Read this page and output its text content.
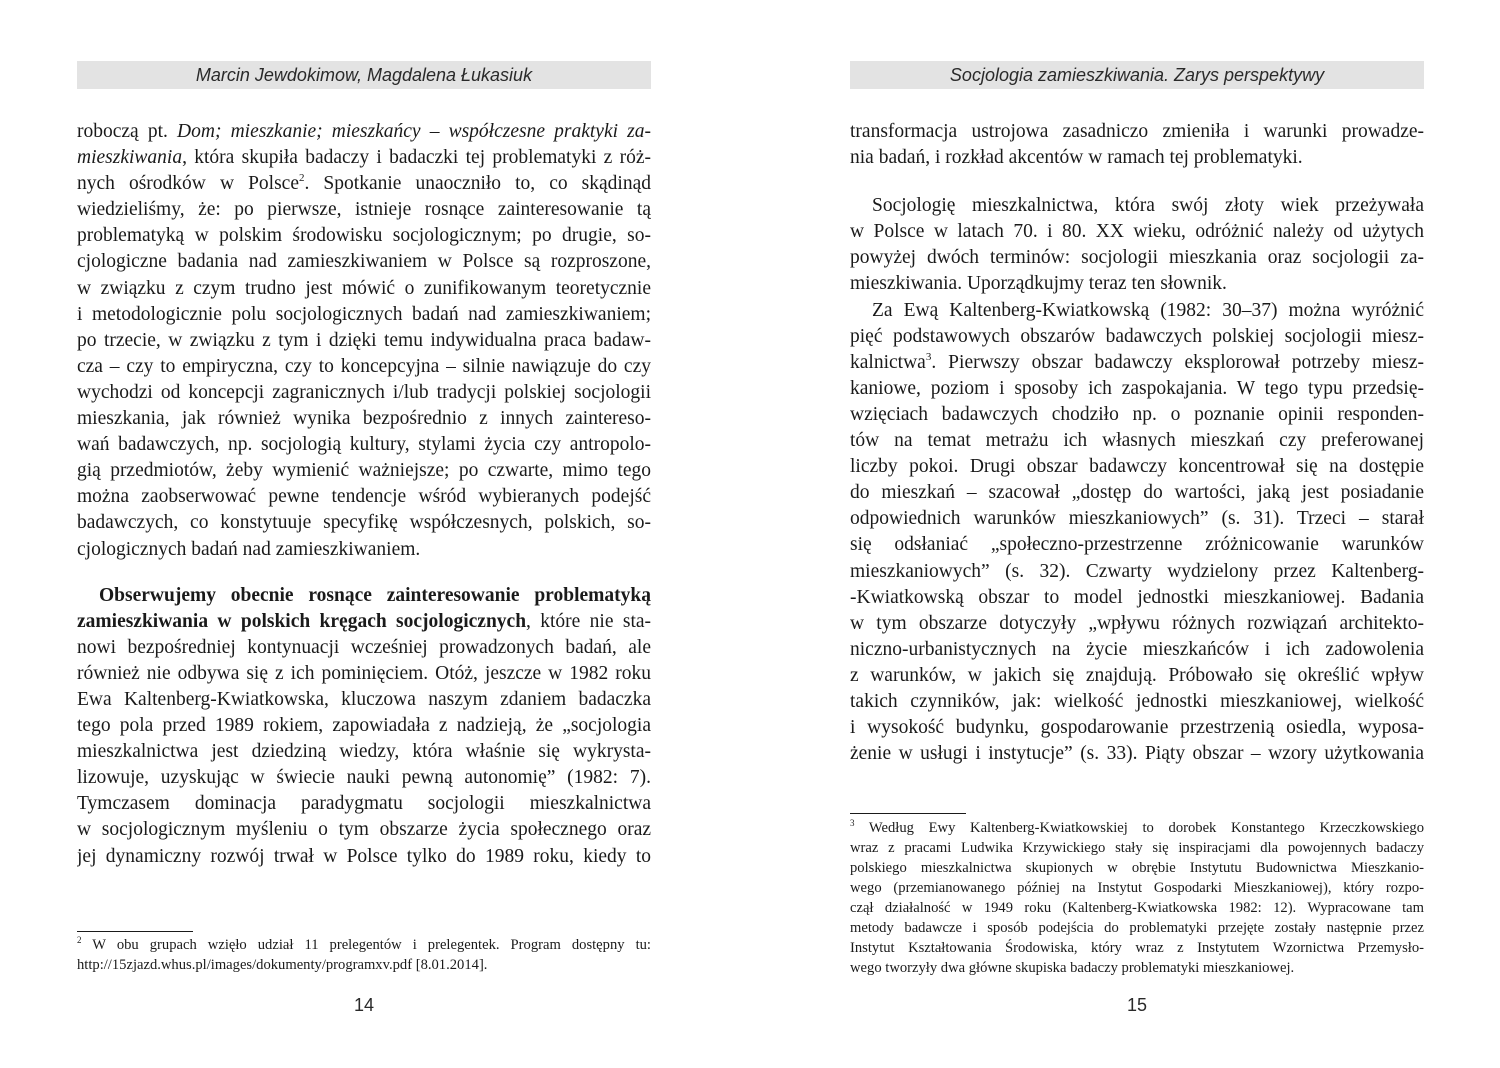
Marcin Jewdokimow, Magdalena Łukasiuk
roboczą pt. Dom; mieszkanie; mieszkańcy – współczesne praktyki za-
mieszkiwania, która skupiła badaczy i badaczki tej problematyki z róż-
nych ośrodków w Polsce$^2$. Spotkanie unaoczniło to, co skądinąd
wiedzieliśmy, że: po pierwsze, istnieje rosnące zainteresowanie tą
problematyką w polskim środowisku socjologicznym; po drugie, so-
cjologiczne badania nad zamieszkiwaniem w Polsce są rozproszone,
w związku z czym trudno jest mówić o zunifikowanym teoretycznie
i metodologicznie polu socjologicznych badań nad zamieszkiwaniem;
po trzecie, w związku z tym i dzięki temu indywidualna praca badaw-
cza – czy to empiryczna, czy to koncepcyjna – silnie nawiązuje do czy
wychodzi od koncepcji zagranicznych i/lub tradycji polskiej socjologii
mieszkania, jak również wynika bezpośrednio z innych zaintereso-
wań badawczych, np. socjologią kultury, stylami życia czy antropolo-
gią przedmiotów, żeby wymienić ważniejsze; po czwarte, mimo tego
można zaobserwować pewne tendencje wśród wybieranych podejść
badawczych, co konstytuuje specyfikę współczesnych, polskich, so-
cjologicznych badań nad zamieszkiwaniem.
Obserwujemy obecnie rosnące zainteresowanie problematyką
zamieszkiwania w polskich kręgach socjologicznych, które nie sta-
nowi bezpośredniej kontynuacji wcześniej prowadzonych badań, ale
również nie odbywa się z ich pominięciem. Otóż, jeszcze w 1982 roku
Ewa Kaltenberg-Kwiatkowska, kluczowa naszym zdaniem badaczka
tego pola przed 1989 rokiem, zapowiadała z nadzieją, że „socjologia
mieszkalnictwa jest dziedziną wiedzy, która właśnie się wykrysta-
lizowuje, uzyskując w świecie nauki pewną autonomię” (1982: 7).
Tymczasem dominacja paradygmatu socjologii mieszkalnictwa
w socjologicznym myśleniu o tym obszarze życia społecznego oraz
jej dynamiczny rozwój trwał w Polsce tylko do 1989 roku, kiedy to
$^2$ W obu grupach wzięło udział 11 prelegentów i prelegentek. Program dostępny tu:
http://15zjazd.whus.pl/images/dokumenty/programxv.pdf [8.01.2014].
14
Socjologia zamieszkiwania. Zarys perspektywy
transformacja ustrojowa zasadniczo zmieniła i warunki prowadze-
nia badań, i rozkład akcentów w ramach tej problematyki.
Socjologię mieszkalnictwa, która swój złoty wiek przeżywała
w Polsce w latach 70. i 80. XX wieku, odróżnić należy od użytych
powyżej dwóch terminów: socjologii mieszkania oraz socjologii za-
mieszkiwania. Uporządkujmy teraz ten słownik.
Za Ewą Kaltenberg-Kwiatkowską (1982: 30–37) można wyróżnić
pięć podstawowych obszarów badawczych polskiej socjologii miesz-
kalnictwa$^3$. Pierwszy obszar badawczy eksplorował potrzeby miesz-
kaniowe, poziom i sposoby ich zaspokajania. W tego typu przedsię-
wzięciach badawczych chodziło np. o poznanie opinii responden-
tów na temat metrażu ich własnych mieszkań czy preferowanej
liczby pokoi. Drugi obszar badawczy koncentrował się na dostępie
do mieszkań – szacował „dostęp do wartości, jaką jest posiadanie
odpowiednich warunków mieszkaniowych” (s. 31). Trzeci – starał
się odsłaniać „społeczno-przestrzenne zróżnicowanie warunków
mieszkaniowych” (s. 32). Czwarty wydzielony przez Kaltenberg-
-Kwiatkowską obszar to model jednostki mieszkaniowej. Badania
w tym obszarze dotyczyły „wpływu różnych rozwiązań architekto-
niczno-urbanistycznych na życie mieszkańców i ich zadowolenia
z warunków, w jakich się znajdują. Próbowało się określić wpływ
takich czynników, jak: wielkość jednostki mieszkaniowej, wielkość
i wysokość budynku, gospodarowanie przestrzenią osiedla, wyposa-
żenie w usługi i instytucje” (s. 33). Piąty obszar – wzory użytkowania
$^3$ Według Ewy Kaltenberg-Kwiatkowskiej to dorobek Konstantego Krzeczkowskiego
wraz z pracami Ludwika Krzywickiego stały się inspiracjami dla powojennych badaczy
polskiego mieszkalnictwa skupionych w obrębie Instytutu Budownictwa Mieszkanio-
wego (przemianowanego później na Instytut Gospodarki Mieszkaniowej), który rozpo-
czął działalność w 1949 roku (Kaltenberg-Kwiatkowska 1982: 12). Wypracowane tam
metody badawcze i sposób podejścia do problematyki przejęte zostały następnie przez
Instytut Kształtowania Środowiska, który wraz z Instytutem Wzornictwa Przemysło-
wego tworzyły dwa główne skupiska badaczy problematyki mieszkaniowej.
15
